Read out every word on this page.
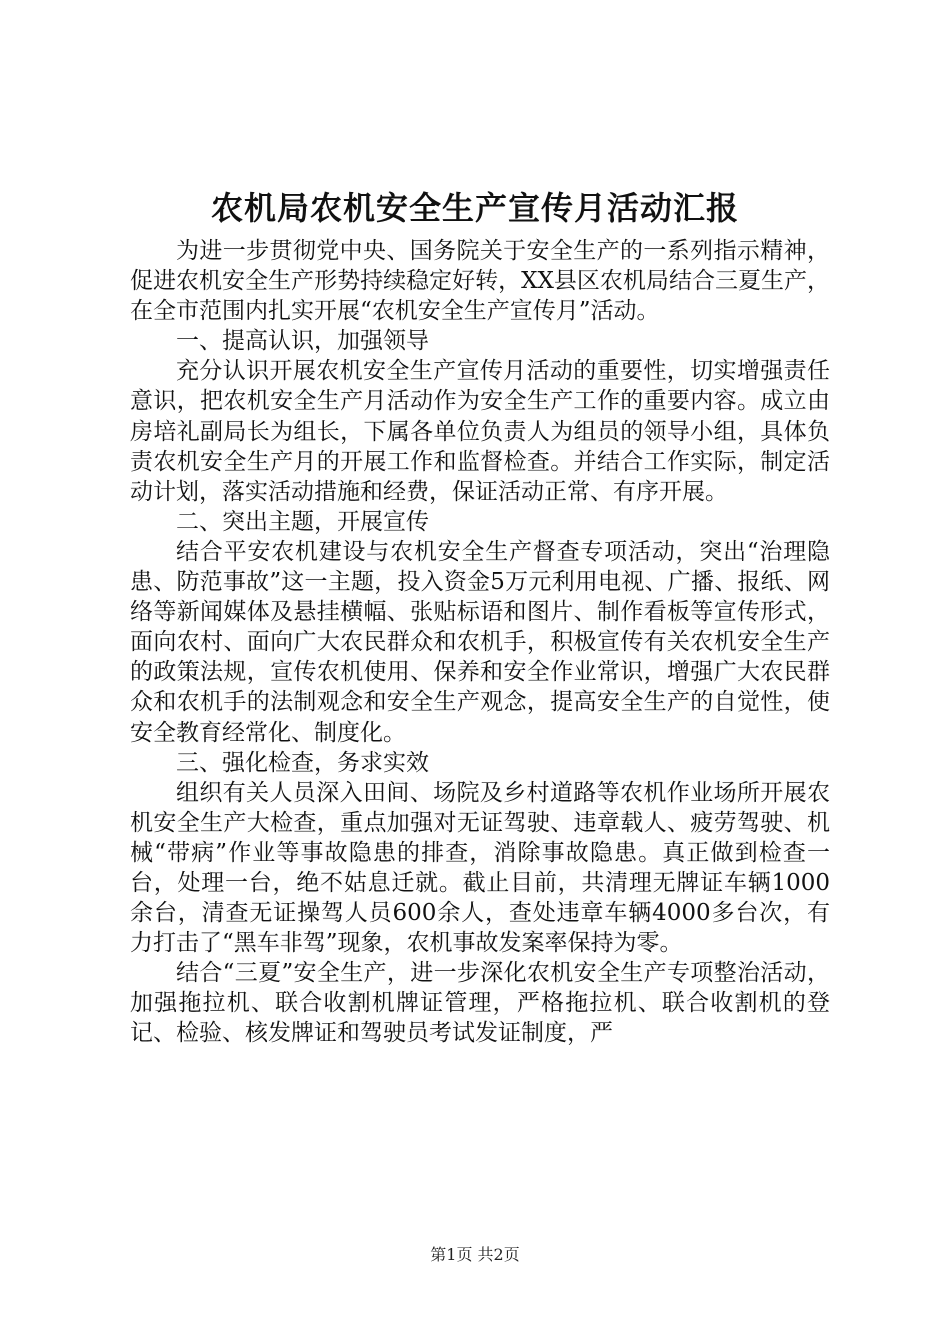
农机局农机安全生产宣传月活动汇报

为进一步贯彻党中央、国务院关于安全生产的一系列指示精神，促进农机安全生产形势持续稳定好转，XX县区农机局结合三夏生产，在全市范围内扎实开展“农机安全生产宣传月”活动。

一、提高认识，加强领导

充分认识开展农机安全生产宣传月活动的重要性，切实增强责任意识，把农机安全生产月活动作为安全生产工作的重要内容。成立由房培礼副局长为组长，下属各单位负责人为组员的领导小组，具体负责农机安全生产月的开展工作和监督检查。并结合工作实际，制定活动计划，落实活动措施和经费，保证活动正常、有序开展。

二、突出主题，开展宣传

结合平安农机建设与农机安全生产督查专项活动，突出“治理隐患、防范事故”这一主题，投入资金5万元利用电视、广播、报纸、网络等新闻媒体及悬挂横幅、张贴标语和图片、制作看板等宣传形式，面向农村、面向广大农民群众和农机手，积极宣传有关农机安全生产的政策法规，宣传农机使用、保养和安全作业常识，增强广大农民群众和农机手的法制观念和安全生产观念，提高安全生产的自觉性，使安全教育经常化、制度化。

三、强化检查，务求实效

组织有关人员深入田间、场院及乡村道路等农机作业场所开展农机安全生产大检查，重点加强对无证驾驶、违章载人、疲劳驾驶、机械“带病”作业等事故隐患的排查，消除事故隐患。真正做到检查一台，处理一台，绝不姑息迁就。截止目前，共清理无牌证车辆1000余台，清查无证操驾人员600余人，查处违章车辆4000多台次，有力打击了“黑车非驾”现象，农机事故发案率保持为零。

结合“三夏”安全生产，进一步深化农机安全生产专项整治活动，加强拖拉机、联合收割机牌证管理，严格拖拉机、联合收割机的登记、检验、核发牌证和驾驶员考试发证制度，严

第1页 共2页
